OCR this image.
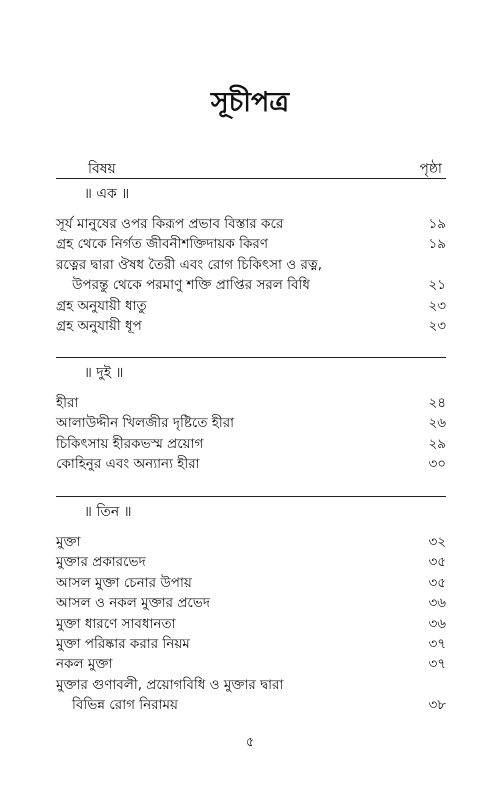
সূচীপত্র
বিষয়	পৃষ্ঠা
॥ এক ॥
সূর্য মানুষের ওপর কিরূপ প্রভাব বিস্তার করে	১৯
গ্রহ থেকে নির্গত জীবনীশক্তিদায়ক কিরণ	১৯
রত্নের দ্বারা ঔষধ তৈরী এবং রোগ চিকিৎসা ও রত্ন,
উপরন্তু থেকে পরমাণু শক্তি প্রাপ্তির সরল বিধি	২১
গ্রহ অনুযায়ী ধাতু	২৩
গ্রহ অনুযায়ী ধূপ	২৩
॥ দুই ॥
হীরা	২৪
আলাউদ্দীন খিলজীর দৃষ্টিতে হীরা	২৬
চিকিৎসায় হীরকভস্ম প্রয়োগ	২৯
কোহিনুর এবং অন্যান্য হীরা	৩০
॥ তিন ॥
মুক্তা	৩২
মুক্তার প্রকারভেদ	৩৫
আসল মুক্তা চেনার উপায়	৩৫
আসল ও নকল মুক্তার প্রভেদ	৩৬
মুক্তা ধারণে সাবধানতা	৩৬
মুক্তা পরিষ্কার করার নিয়ম	৩৭
নকল মুক্তা	৩৭
মুক্তার গুণাবলী, প্রয়োগবিধি ও মুক্তার দ্বারা
বিভিন্ন রোগ নিরাময়	৩৮
৫
